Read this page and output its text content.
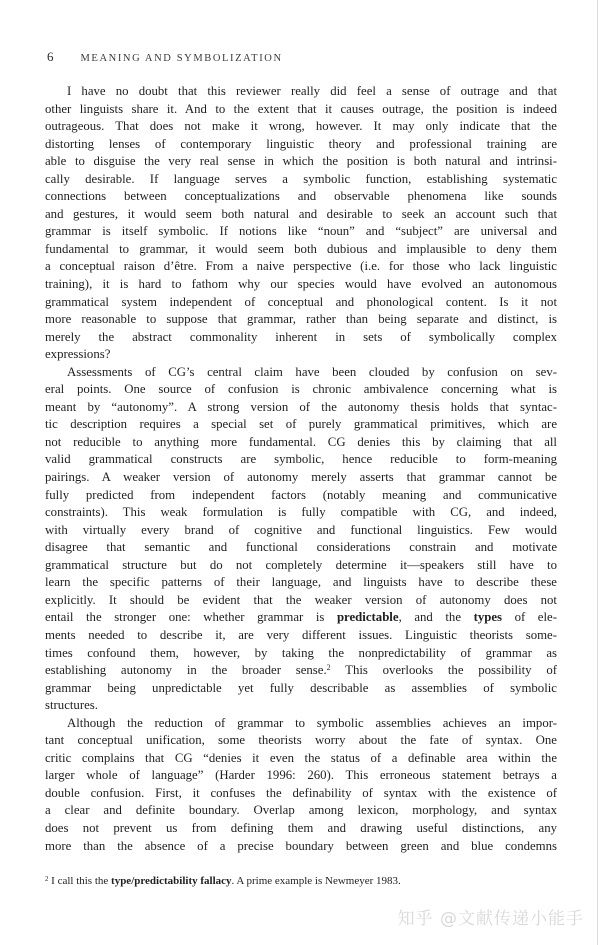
6	MEANING AND SYMBOLIZATION
I have no doubt that this reviewer really did feel a sense of outrage and that
other linguists share it. And to the extent that it causes outrage, the position is indeed
outrageous. That does not make it wrong, however. It may only indicate that the
distorting lenses of contemporary linguistic theory and professional training are
able to disguise the very real sense in which the position is both natural and intrinsi-
cally desirable. If language serves a symbolic function, establishing systematic
connections between conceptualizations and observable phenomena like sounds
and gestures, it would seem both natural and desirable to seek an account such that
grammar is itself symbolic. If notions like “noun” and “subject” are universal and
fundamental to grammar, it would seem both dubious and implausible to deny them
a conceptual raison d’être. From a naive perspective (i.e. for those who lack linguistic
training), it is hard to fathom why our species would have evolved an autonomous
grammatical system independent of conceptual and phonological content. Is it not
more reasonable to suppose that grammar, rather than being separate and distinct, is
merely the abstract commonality inherent in sets of symbolically complex
expressions?
Assessments of CG’s central claim have been clouded by confusion on sev-
eral points. One source of confusion is chronic ambivalence concerning what is
meant by “autonomy”. A strong version of the autonomy thesis holds that syntac-
tic description requires a special set of purely grammatical primitives, which are
not reducible to anything more fundamental. CG denies this by claiming that all
valid grammatical constructs are symbolic, hence reducible to form-meaning
pairings. A weaker version of autonomy merely asserts that grammar cannot be
fully predicted from independent factors (notably meaning and communicative
constraints). This weak formulation is fully compatible with CG, and indeed,
with virtually every brand of cognitive and functional linguistics. Few would
disagree that semantic and functional considerations constrain and motivate
grammatical structure but do not completely determine it—speakers still have to
learn the specific patterns of their language, and linguists have to describe these
explicitly. It should be evident that the weaker version of autonomy does not
entail the stronger one: whether grammar is predictable, and the types of ele-
ments needed to describe it, are very different issues. Linguistic theorists some-
times confound them, however, by taking the nonpredictability of grammar as
establishing autonomy in the broader sense.$^2$ This overlooks the possibility of
grammar being unpredictable yet fully describable as assemblies of symbolic
structures.
Although the reduction of grammar to symbolic assemblies achieves an impor-
tant conceptual unification, some theorists worry about the fate of syntax. One
critic complains that CG “denies it even the status of a definable area within the
larger whole of language” (Harder 1996: 260). This erroneous statement betrays a
double confusion. First, it confuses the definability of syntax with the existence of
a clear and definite boundary. Overlap among lexicon, morphology, and syntax
does not prevent us from defining them and drawing useful distinctions, any
more than the absence of a precise boundary between green and blue condemns
$^2$ I call this the type/predictability fallacy. A prime example is Newmeyer 1983.
知乎 @文献传递小能手
